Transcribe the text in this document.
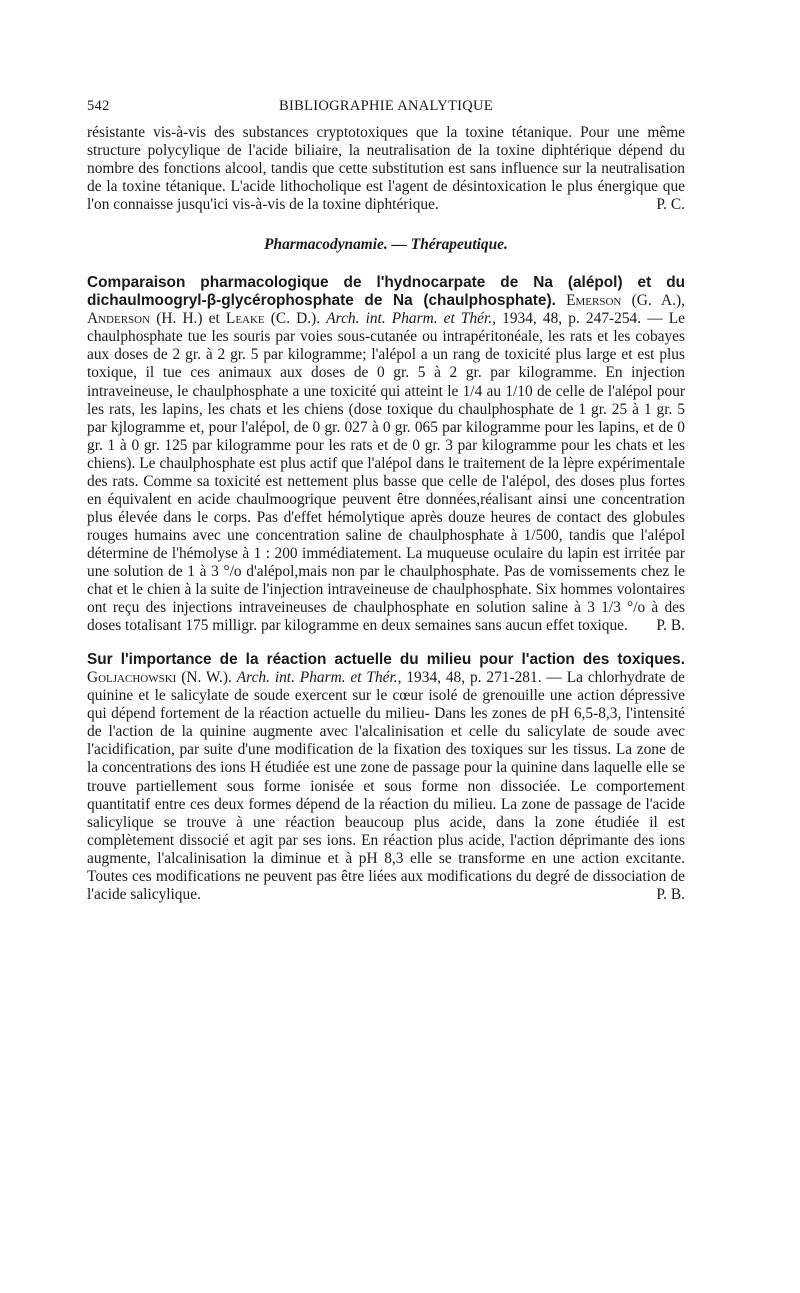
542	BIBLIOGRAPHIE ANALYTIQUE

résistante vis-à-vis des substances cryptotoxiques que la toxine tétanique. Pour une même structure polycylique de l'acide biliaire, la neutralisation de la toxine diphtérique dépend du nombre des fonctions alcool, tandis que cette substitution est sans influence sur la neutralisation de la toxine tétanique. L'acide lithocholique est l'agent de désintoxication le plus énergique que l'on connaisse jusqu'ici vis-à-vis de la toxine diphtérique.	P. C.

Pharmacodynamie. — Thérapeutique.

Comparaison pharmacologique de l'hydnocarpate de Na (alépol) et du dichaulmoogryl-β-glycérophosphate de Na (chaulphosphate). Emerson (G. A.), Anderson (H. H.) et Leake (C. D.). Arch. int. Pharm. et Thér., 1934, 48, p. 247-254. — Le chaulphosphate tue les souris par voies sous-cutanée ou intrapéritonéale, les rats et les cobayes aux doses de 2 gr. à 2 gr. 5 par kilogramme; l'alépol a un rang de toxicité plus large et est plus toxique, il tue ces animaux aux doses de 0 gr. 5 à 2 gr. par kilogramme. En injection intraveineuse, le chaulphosphate a une toxicité qui atteint le 1/4 au 1/10 de celle de l'alépol pour les rats, les lapins, les chats et les chiens (dose toxique du chaulphosphate de 1 gr. 25 à 1 gr. 5 par kjlogramme et, pour l'alépol, de 0 gr. 027 à 0 gr. 065 par kilogramme pour les lapins, et de 0 gr. 1 à 0 gr. 125 par kilogramme pour les rats et de 0 gr. 3 par kilogramme pour les chats et les chiens). Le chaulphosphate est plus actif que l'alépol dans le traitement de la lèpre expérimentale des rats. Comme sa toxicité est nettement plus basse que celle de l'alépol, des doses plus fortes en équivalent en acide chaulmoogrique peuvent être données,réalisant ainsi une concentration plus élevée dans le corps. Pas d'effet hémolytique après douze heures de contact des globules rouges humains avec une concentration saline de chaulphosphate à 1/500, tandis que l'alépol détermine de l'hémolyse à 1 : 200 immédiatement. La muqueuse oculaire du lapin est irritée par une solution de 1 à 3 °/o d'alépol,mais non par le chaulphosphate. Pas de vomissements chez le chat et le chien à la suite de l'injection intraveineuse de chaulphosphate. Six hommes volontaires ont reçu des injections intraveineuses de chaulphosphate en solution saline à 3 1/3 °/o à des doses totalisant 175 milligr. par kilogramme en deux semaines sans aucun effet toxique. P. B.

Sur l'importance de la réaction actuelle du milieu pour l'action des toxiques. Goljachowski (N. W.). Arch. int. Pharm. et Thér., 1934, 48, p. 271-281. — La chlorhydrate de quinine et le salicylate de soude exercent sur le cœur isolé de grenouille une action dépressive qui dépend fortement de la réaction actuelle du milieu- Dans les zones de pH 6,5-8,3, l'intensité de l'action de la quinine augmente avec l'alcalinisation et celle du salicylate de soude avec l'acidification, par suite d'une modification de la fixation des toxiques sur les tissus. La zone de la concentrations des ions H étudiée est une zone de passage pour la quinine dans laquelle elle se trouve partiellement sous forme ionisée et sous forme non dissociée. Le comportement quantitatif entre ces deux formes dépend de la réaction du milieu. La zone de passage de l'acide salicylique se trouve à une réaction beaucoup plus acide, dans la zone étudiée il est complètement dissocié et agit par ses ions. En réaction plus acide, l'action déprimante des ions augmente, l'alcalinisation la diminue et à pH 8,3 elle se transforme en une action excitante. Toutes ces modifications ne peuvent pas être liées aux modifications du degré de dissociation de l'acide salicylique.	P. B.
